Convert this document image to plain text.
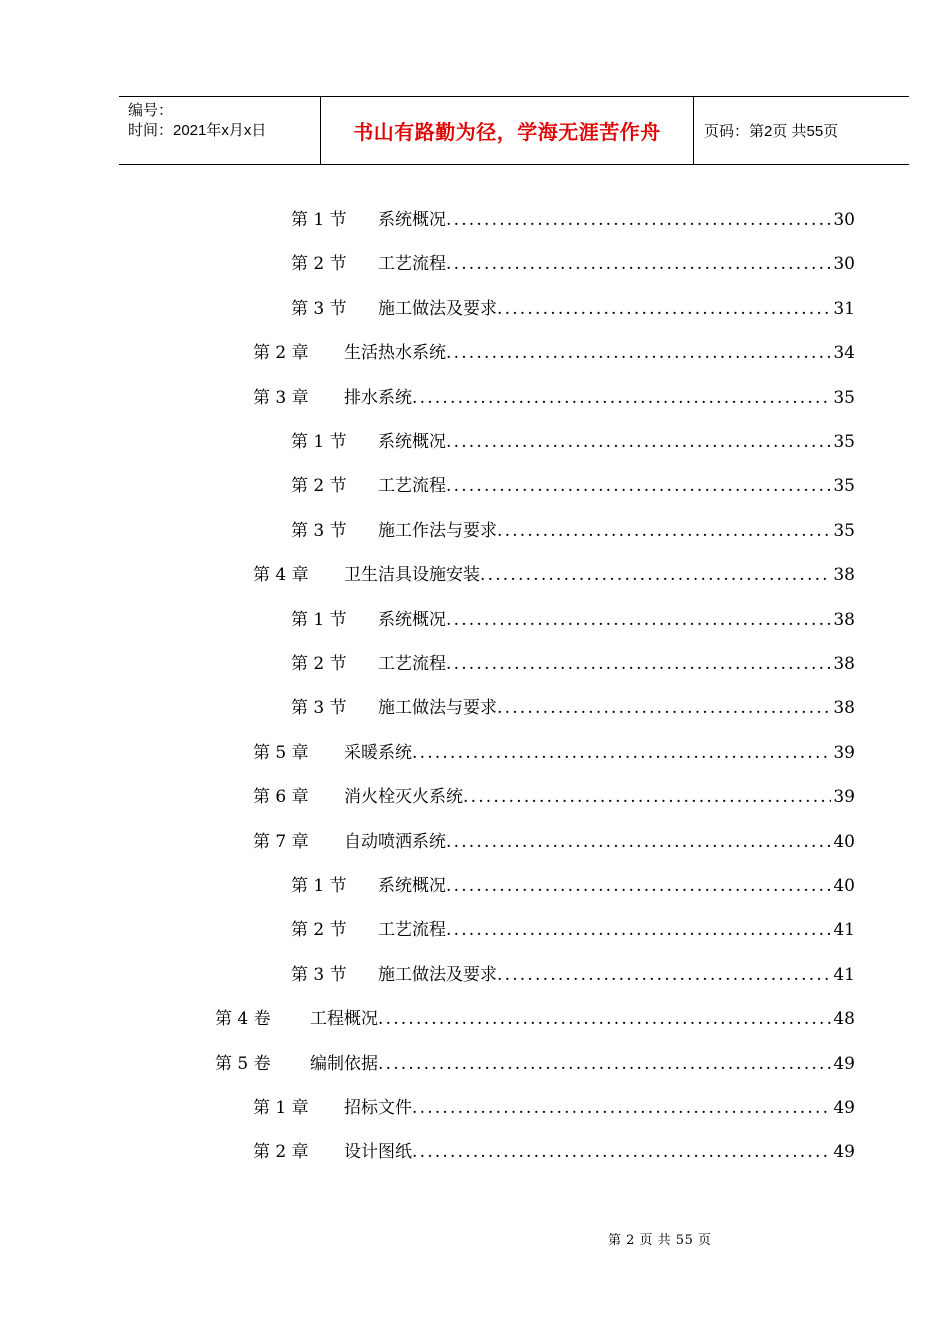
编号：
时间：2021年x月x日	书山有路勤为径，学海无涯苦作舟	页码：第2页 共55页
第 1 节	系统概况 .....	30
第 2 节	工艺流程 .....	30
第 3 节	施工做法及要求 .....	31
第 2 章	生活热水系统 .....	34
第 3 章	排水系统 .....	35
第 1 节	系统概况 .....	35
第 2 节	工艺流程 .....	35
第 3 节	施工作法与要求 .....	35
第 4 章	卫生洁具设施安装 .....	38
第 1 节	系统概况 .....	38
第 2 节	工艺流程 .....	38
第 3 节	施工做法与要求 .....	38
第 5 章	采暖系统 .....	39
第 6 章	消火栓灭火系统 .....	39
第 7 章	自动喷洒系统 .....	40
第 1 节	系统概况 .....	40
第 2 节	工艺流程 .....	41
第 3 节	施工做法及要求 .....	41
第 4 卷	工程概况 .....	48
第 5 卷	编制依据 .....	49
第 1 章	招标文件 .....	49
第 2 章	设计图纸 .....	49
第 2 页 共 55 页
